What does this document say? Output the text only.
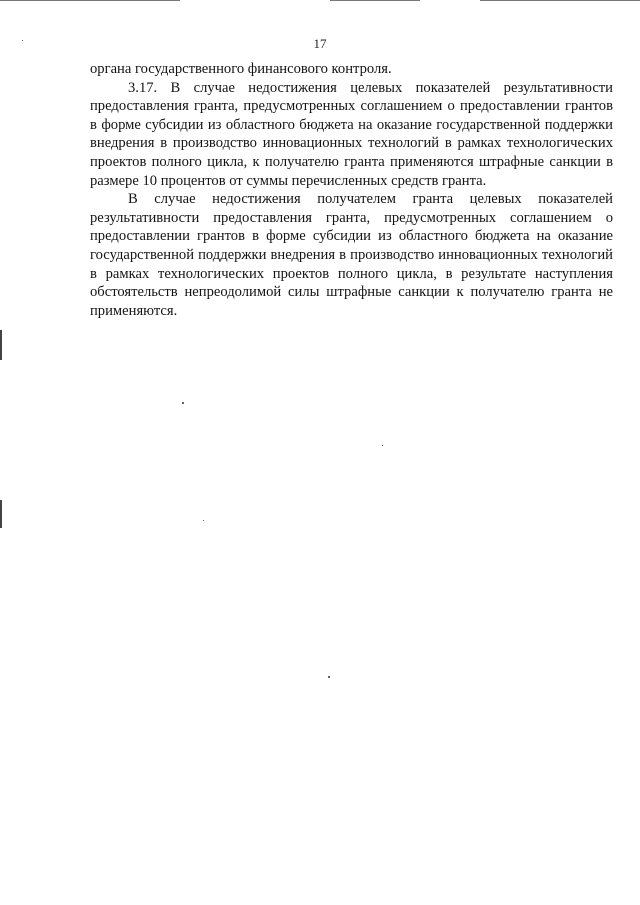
17

органа государственного финансового контроля.

3.17. В случае недостижения целевых показателей результативности предоставления гранта, предусмотренных соглашением о предоставлении грантов в форме субсидии из областного бюджета на оказание государственной поддержки внедрения в производство инновационных технологий в рамках технологических проектов полного цикла, к получателю гранта применяются штрафные санкции в размере 10 процентов от суммы перечисленных средств гранта.

В случае недостижения получателем гранта целевых показателей результативности предоставления гранта, предусмотренных соглашением о предоставлении грантов в форме субсидии из областного бюджета на оказание государственной поддержки внедрения в производство инновационных технологий в рамках технологических проектов полного цикла, в результате наступления обстоятельств непреодолимой силы штрафные санкции к получателю гранта не применяются.
